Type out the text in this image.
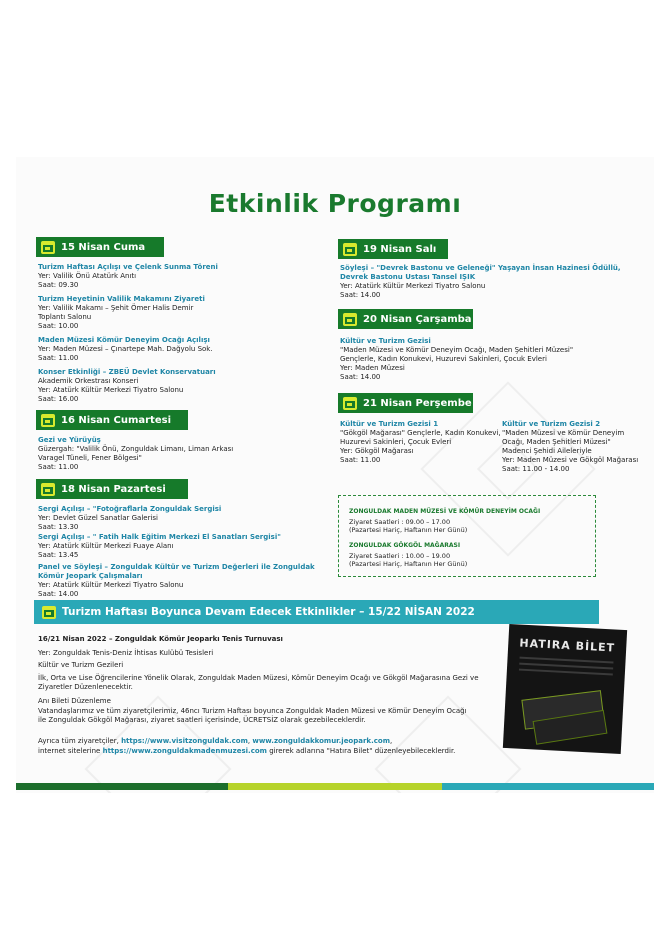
Etkinlik Programı
15 Nisan Cuma
Turizm Haftası Açılışı ve Çelenk Sunma Töreni
Yer: Valilik Önü Atatürk Anıtı
Saat: 09.30
Turizm Heyetinin Valilik Makamını Ziyareti
Yer: Valilik Makamı – Şehit Ömer Halis Demir
Toplantı Salonu
Saat: 10.00
Maden Müzesi Kömür Deneyim Ocağı Açılışı
Yer: Maden Müzesi – Çınartepe Mah. Dağyolu Sok.
Saat: 11.00
Konser Etkinliği – ZBEÜ Devlet Konservatuarı
Akademik Orkestrası Konseri
Yer: Atatürk Kültür Merkezi Tiyatro Salonu
Saat: 16.00
16 Nisan Cumartesi
Gezi ve Yürüyüş
Güzergah: "Valilik Önü, Zonguldak Limanı, Liman Arkası
Varagel Tüneli, Fener Bölgesi"
Saat: 11.00
18 Nisan Pazartesi
Sergi Açılışı – "Fotoğraflarla Zonguldak Sergisi
Yer: Devlet Güzel Sanatlar Galerisi
Saat: 13.30
Sergi Açılışı – " Fatih Halk Eğitim Merkezi El Sanatları Sergisi"
Yer: Atatürk Kültür Merkezi Fuaye Alanı
Saat: 13.45
Panel ve Söyleşi – Zonguldak Kültür ve Turizm Değerleri ile Zonguldak Kömür Jeopark Çalışmaları
Yer: Atatürk Kültür Merkezi Tiyatro Salonu
Saat: 14.00
19 Nisan Salı
Söyleşi – "Devrek Bastonu ve Geleneği" Yaşayan İnsan Hazinesi Ödüllü, Devrek Bastonu Ustası Tansel IŞIK
Yer: Atatürk Kültür Merkezi Tiyatro Salonu
Saat: 14.00
20 Nisan Çarşamba
Kültür ve Turizm Gezisi
"Maden Müzesi ve Kömür Deneyim Ocağı, Maden Şehitleri Müzesi"
Gençlerle, Kadın Konukevi, Huzurevi Sakinleri, Çocuk Evleri
Yer: Maden Müzesi
Saat: 14.00
21 Nisan Perşembe
Kültür ve Turizm Gezisi 1
"Gökgöl Mağarası" Gençlerle, Kadın Konukevi,
Huzurevi Sakinleri, Çocuk Evleri
Yer: Gökgöl Mağarası
Saat: 11.00
Kültür ve Turizm Gezisi 2
"Maden Müzesi ve Kömür Deneyim
Ocağı, Maden Şehitleri Müzesi"
Madenci Şehidi Aileleriyle
Yer: Maden Müzesi ve Gökgöl Mağarası
Saat: 11.00 - 14.00
ZONGULDAK MADEN MÜZESİ VE KÖMÜR DENEYİM OCAĞI
Ziyaret Saatleri : 09.00 – 17.00
(Pazartesi Hariç, Haftanın Her Günü)
ZONGULDAK GÖKGÖL MAĞARASI
Ziyaret Saatleri : 10.00 – 19.00
(Pazartesi Hariç, Haftanın Her Günü)
Turizm Haftası Boyunca Devam Edecek Etkinlikler – 15/22 NİSAN 2022
16/21 Nisan 2022 – Zonguldak Kömür Jeoparkı Tenis Turnuvası
Yer: Zonguldak Tenis-Deniz İhtisas Kulübü Tesisleri
Kültür ve Turizm Gezileri
İlk, Orta ve Lise Öğrencilerine Yönelik Olarak, Zonguldak Maden Müzesi, Kömür Deneyim Ocağı ve Gökgöl Mağarasına Gezi ve
Ziyaretler Düzenlenecektir.
Anı Bileti Düzenleme
Vatandaşlarımız ve tüm ziyaretçilerimiz, 46ncı Turizm Haftası boyunca Zonguldak Maden Müzesi ve Kömür Deneyim Ocağı
ile Zonguldak Gökgöl Mağarası, ziyaret saatleri içerisinde, ÜCRETSİZ olarak gezebileceklerdir.
Ayrıca tüm ziyaretçiler, https://www.visitzonguldak.com, www.zonguldakkomur.jeopark.com,
internet sitelerine https://www.zonguldakmadenmuzesi.com girerek adlarına "Hatıra Bilet" düzenleyebileceklerdir.
HATIRA BİLET
